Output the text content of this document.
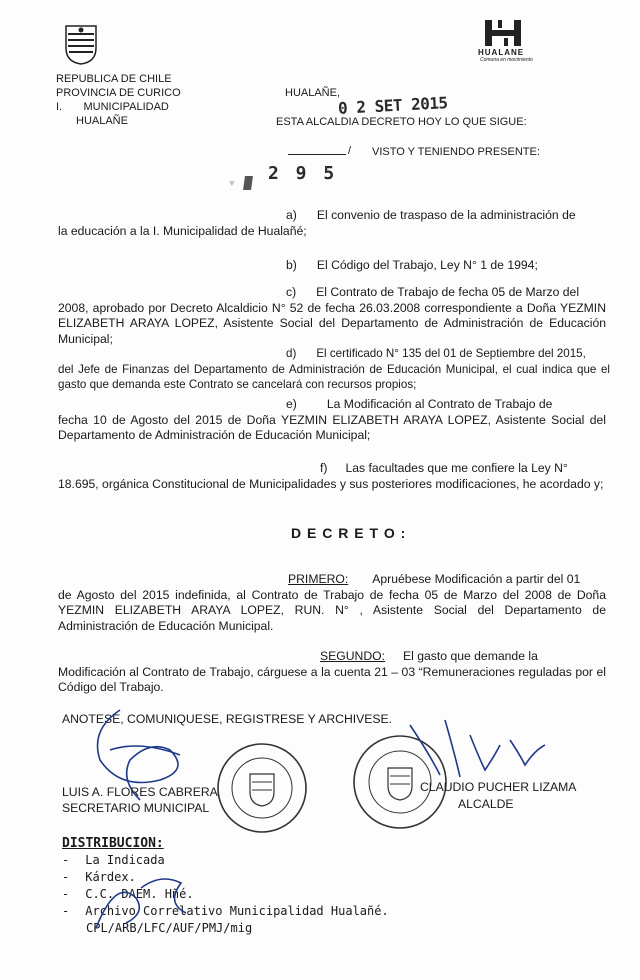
HUALANE
Comuna en movimiento
REPUBLICA DE CHILE
PROVINCIA DE CURICO
I.       MUNICIPALIDAD
HUALAÑE
HUALAÑE,
0 2 SET 2015
ESTA ALCALDIA DECRETO HOY LO QUE SIGUE:
/ VISTO Y TENIENDO PRESENTE:
▾ 2 9 5
a) El convenio de traspaso de la administración de
la educación a la I. Municipalidad de Hualañé;
b) El Código del Trabajo, Ley N° 1 de 1994;
c) El Contrato de Trabajo de fecha 05 de Marzo del
2008, aprobado por Decreto Alcaldicio N° 52 de fecha 26.03.2008 correspondiente a Doña YEZMIN ELIZABETH ARAYA LOPEZ, Asistente Social del Departamento de Administración de Educación Municipal;
d) El certificado N° 135 del 01 de Septiembre del 2015,
del Jefe de Finanzas del Departamento de Administración de Educación Municipal, el cual indica que el gasto que demanda este Contrato se cancelará con recursos propios;
e) La Modificación al Contrato de Trabajo de
fecha 10 de Agosto del 2015 de Doña YEZMIN ELIZABETH ARAYA LOPEZ, Asistente Social del Departamento de Administración de Educación Municipal;
f) Las facultades que me confiere la Ley N°
18.695, orgánica Constitucional de Municipalidades y sus posteriores modificaciones, he acordado y;
D E C R E T O :
PRIMERO: Apruébese Modificación a partir del 01
de Agosto del 2015 indefinida, al Contrato de Trabajo de fecha 05 de Marzo del 2008 de Doña YEZMIN ELIZABETH ARAYA LOPEZ, RUN. N° , Asistente Social del Departamento de Administración de Educación Municipal.
SEGUNDO: El gasto que demande la
Modificación al Contrato de Trabajo, cárguese a la cuenta 21 – 03 “Remuneraciones reguladas por el Código del Trabajo.
ANOTESE, COMUNIQUESE, REGISTRESE Y ARCHIVESE.
LUIS A. FLORES CABRERA
SECRETARIO MUNICIPAL
CLAUDIO PUCHER LIZAMA
ALCALDE
DISTRIBUCION:
- La Indicada
- Kárdex.
- C.C. DAEM. Hñé.
- Archivo Correlativo Municipalidad Hualañé.
CPL/ARB/LFC/AUF/PMJ/mig
